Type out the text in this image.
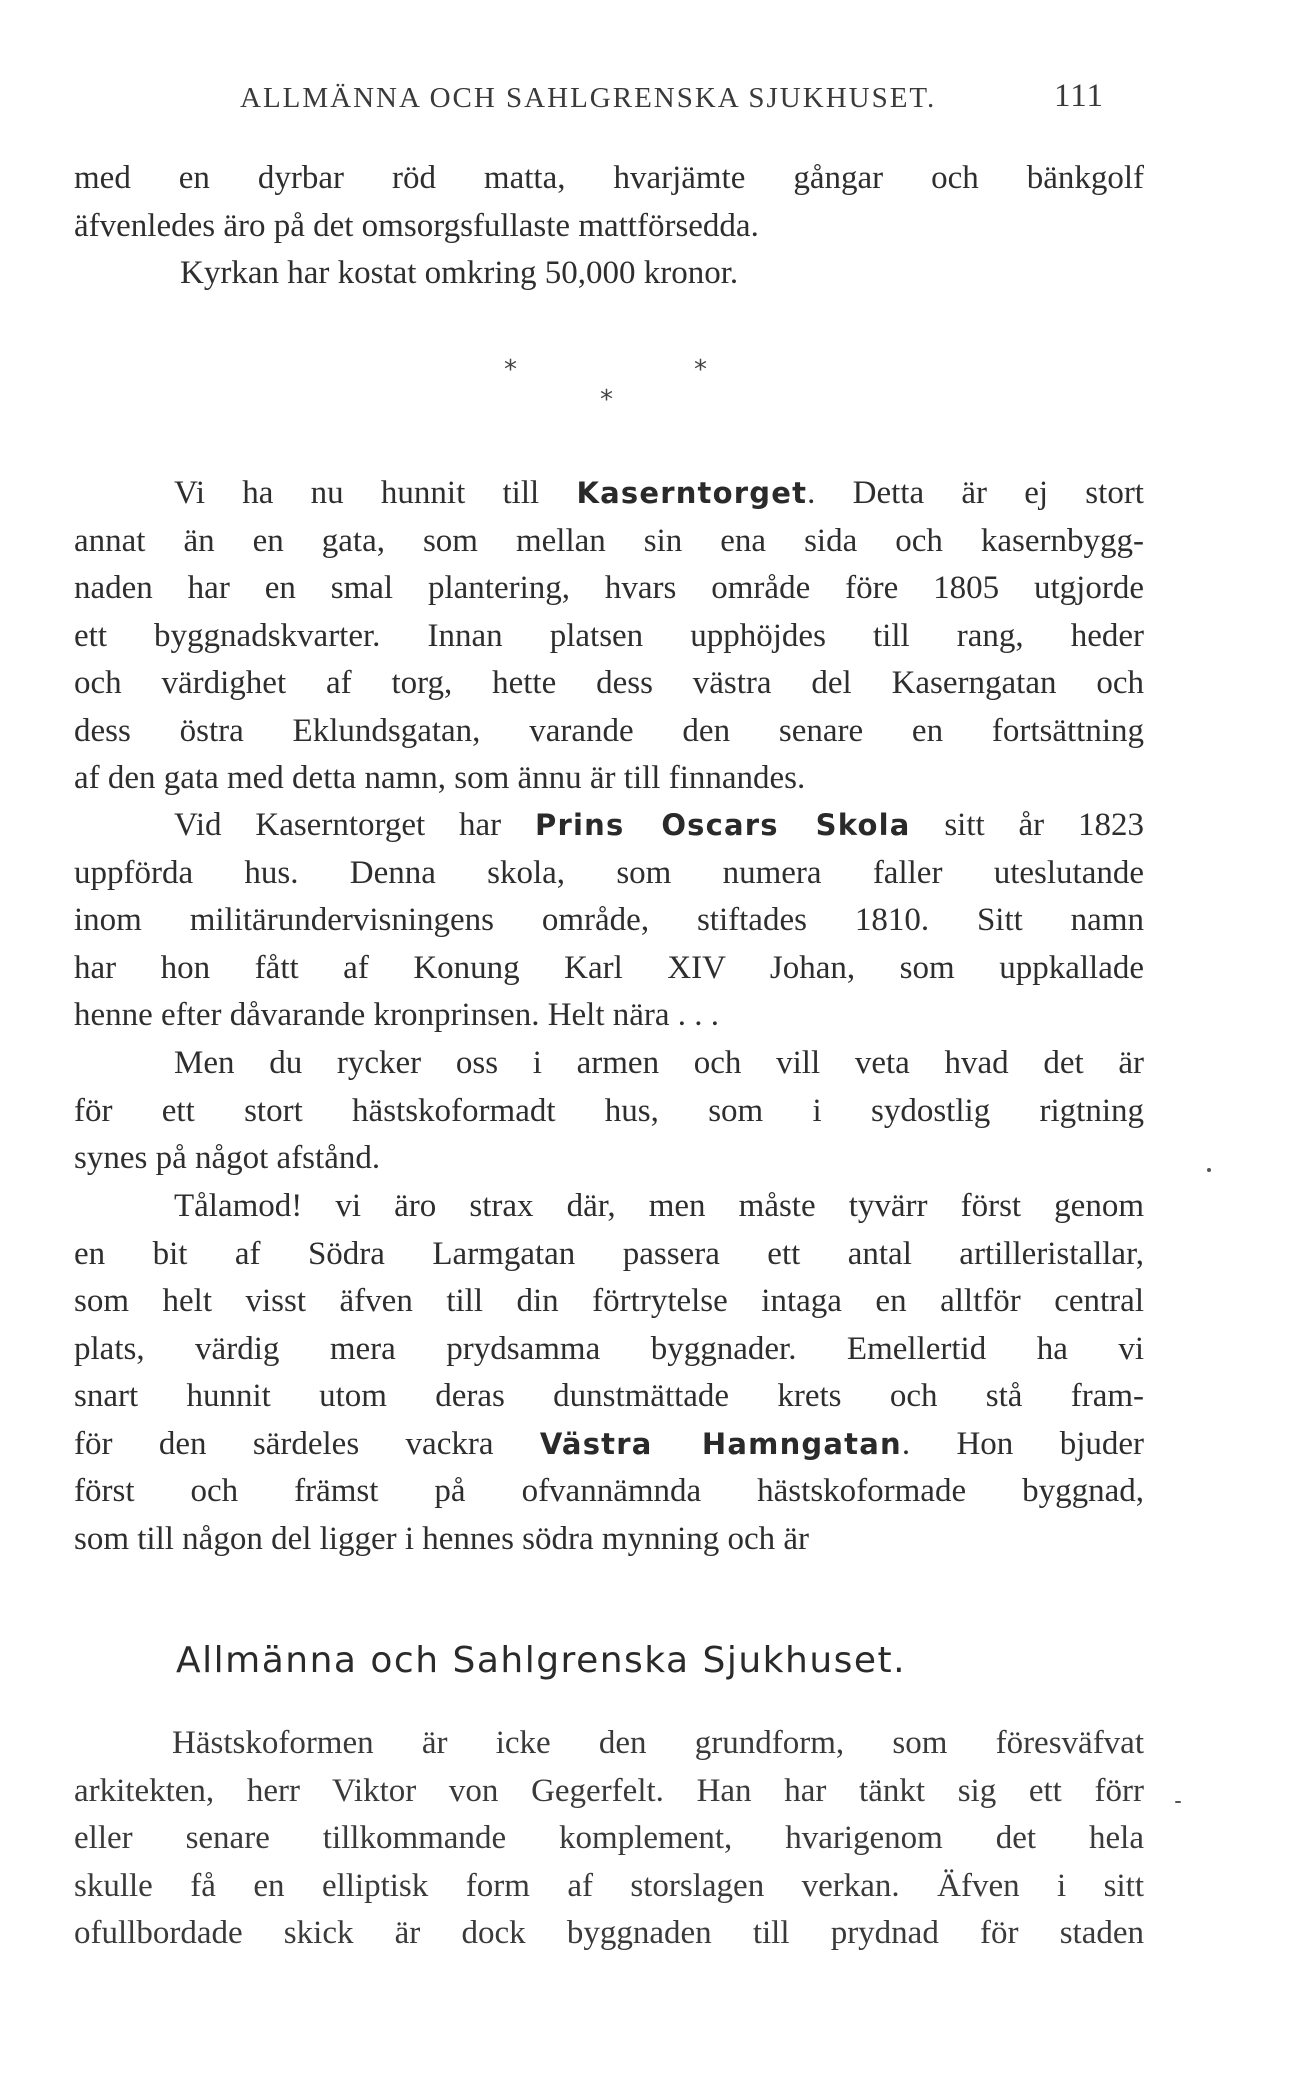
ALLMÄNNA OCH SAHLGRENSKA SJUKHUSET.	111
med en dyrbar röd matta, hvarjämte gångar och bänkgolf
äfvenledes äro på det omsorgsfullaste mattförsedda.
Kyrkan har kostat omkring 50,000 kronor.
*	*
*
Vi ha nu hunnit till Kaserntorget. Detta är ej stort
annat än en gata, som mellan sin ena sida och kasernbygg-
naden har en smal plantering, hvars område före 1805 utgjorde
ett byggnadskvarter. Innan platsen upphöjdes till rang, heder
och värdighet af torg, hette dess västra del Kaserngatan och
dess östra Eklundsgatan, varande den senare en fortsättning
af den gata med detta namn, som ännu är till finnandes.
Vid Kaserntorget har Prins Oscars Skola sitt år 1823
uppförda hus. Denna skola, som numera faller uteslutande
inom militärundervisningens område, stiftades 1810. Sitt namn
har hon fått af Konung Karl XIV Johan, som uppkallade
henne efter dåvarande kronprinsen. Helt nära . . .
Men du rycker oss i armen och vill veta hvad det är
för ett stort hästskoformadt hus, som i sydostlig rigtning
synes på något afstånd.
Tålamod! vi äro strax där, men måste tyvärr först genom
en bit af Södra Larmgatan passera ett antal artilleristallar,
som helt visst äfven till din förtrytelse intaga en alltför central
plats, värdig mera prydsamma byggnader. Emellertid ha vi
snart hunnit utom deras dunstmättade krets och stå fram-
för den särdeles vackra Västra Hamngatan. Hon bjuder
först och främst på ofvannämnda hästskoformade byggnad,
som till någon del ligger i hennes södra mynning och är
Allmänna och Sahlgrenska Sjukhuset.
Hästskoformen är icke den grundform, som föresväfvat
arkitekten, herr Viktor von Gegerfelt. Han har tänkt sig ett förr
eller senare tillkommande komplement, hvarigenom det hela
skulle få en elliptisk form af storslagen verkan. Äfven i sitt
ofullbordade skick är dock byggnaden till prydnad för staden
